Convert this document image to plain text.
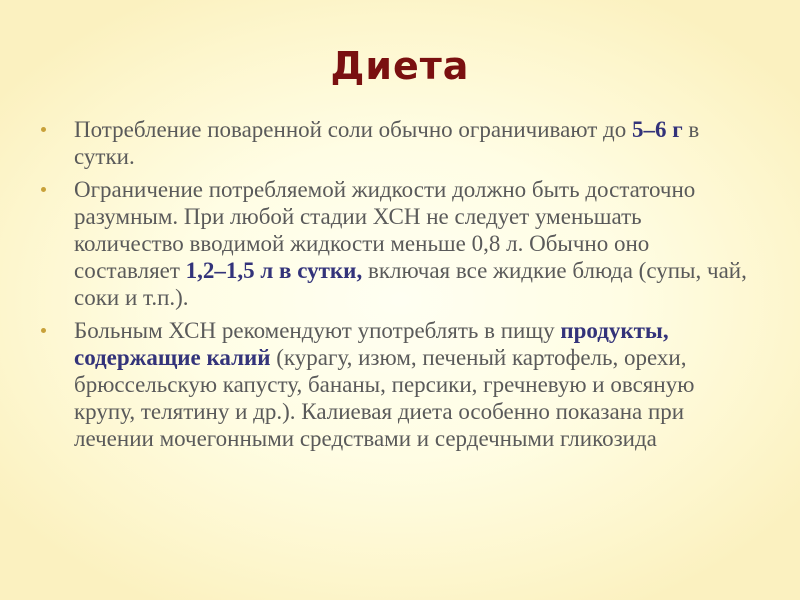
Диета
Потребление поваренной соли обычно ограничивают до 5–6 г в сутки.
Ограничение потребляемой жидкости должно быть достаточно разумным. При любой стадии ХСН не следует уменьшать количество вводимой жидкости меньше 0,8 л. Обычно оно составляет 1,2–1,5 л в сутки, включая все жидкие блюда (супы, чай, соки и т.п.).
Больным ХСН рекомендуют употреблять в пищу продукты, содержащие калий (курагу, изюм, печеный картофель, орехи, брюссельскую капусту, бананы, персики, гречневую и овсяную крупу, телятину и др.). Калиевая диета особенно показана при лечении мочегонными средствами и сердечными гликозида
